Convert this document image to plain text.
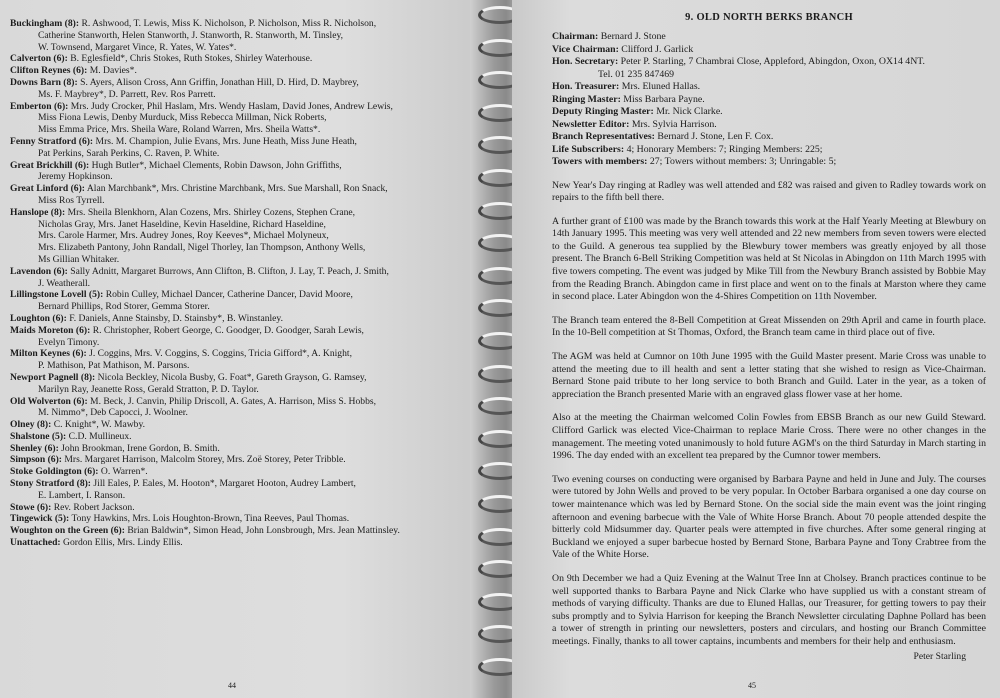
Buckingham (8): R. Ashwood, T. Lewis, Miss K. Nicholson, P. Nicholson, Miss R. Nicholson,
Catherine Stanworth, Helen Stanworth, J. Stanworth, R. Stanworth, M. Tinsley,
W. Townsend, Margaret Vince, R. Yates, W. Yates*.
Calverton (6): B. Eglesfield*, Chris Stokes, Ruth Stokes, Shirley Waterhouse.
Clifton Reynes (6): M. Davies*.
Downs Barn (8): S. Ayers, Alison Cross, Ann Griffin, Jonathan Hill, D. Hird, D. Maybrey,
Ms. F. Maybrey*, D. Parrett, Rev. Ros Parrett.
Emberton (6): Mrs. Judy Crocker, Phil Haslam, Mrs. Wendy Haslam, David Jones, Andrew Lewis,
Miss Fiona Lewis, Denby Murduck, Miss Rebecca Millman, Nick Roberts,
Miss Emma Price, Mrs. Sheila Ware, Roland Warren, Mrs. Sheila Watts*.
Fenny Stratford (6): Mrs. M. Champion, Julie Evans, Mrs. June Heath, Miss June Heath,
Pat Perkins, Sarah Perkins, C. Raven, P. White.
Great Brickhill (6): Hugh Butler*, Michael Clements, Robin Dawson, John Griffiths,
Jeremy Hopkinson.
Great Linford (6): Alan Marchbank*, Mrs. Christine Marchbank, Mrs. Sue Marshall, Ron Snack,
Miss Ros Tyrrell.
Hanslope (8): Mrs. Sheila Blenkhorn, Alan Cozens, Mrs. Shirley Cozens, Stephen Crane,
Nicholas Gray, Mrs. Janet Haseldine, Kevin Haseldine, Richard Haseldine,
Mrs. Carole Harmer, Mrs. Audrey Jones, Roy Keeves*, Michael Molyneux,
Mrs. Elizabeth Pantony, John Randall, Nigel Thorley, Ian Thompson, Anthony Wells,
Ms Gillian Whitaker.
Lavendon (6): Sally Adnitt, Margaret Burrows, Ann Clifton, B. Clifton, J. Lay, T. Peach, J. Smith,
J. Weatherall.
Lillingstone Lovell (5): Robin Culley, Michael Dancer, Catherine Dancer, David Moore,
Bernard Phillips, Rod Storer, Gemma Storer.
Loughton (6): F. Daniels, Anne Stainsby, D. Stainsby*, B. Winstanley.
Maids Moreton (6): R. Christopher, Robert George, C. Goodger, D. Goodger, Sarah Lewis,
Evelyn Timony.
Milton Keynes (6): J. Coggins, Mrs. V. Coggins, S. Coggins, Tricia Gifford*, A. Knight,
P. Mathison, Pat Mathison, M. Parsons.
Newport Pagnell (8): Nicola Beckley, Nicola Busby, G. Foat*, Gareth Grayson, G. Ramsey,
Marilyn Ray, Jeanette Ross, Gerald Stratton, P. D. Taylor.
Old Wolverton (6): M. Beck, J. Canvin, Philip Driscoll, A. Gates, A. Harrison, Miss S. Hobbs,
M. Nimmo*, Deb Capocci, J. Woolner.
Olney (8): C. Knight*, W. Mawby.
Shalstone (5): C.D. Mullineux.
Shenley (6): John Brookman, Irene Gordon, B. Smith.
Simpson (6): Mrs. Margaret Harrison, Malcolm Storey, Mrs. Zoë Storey, Peter Tribble.
Stoke Goldington (6): O. Warren*.
Stony Stratford (8): Jill Eales, P. Eales, M. Hooton*, Margaret Hooton, Audrey Lambert,
E. Lambert, I. Ranson.
Stowe (6): Rev. Robert Jackson.
Tingewick (5): Tony Hawkins, Mrs. Lois Houghton-Brown, Tina Reeves, Paul Thomas.
Woughton on the Green (6): Brian Baldwin*, Simon Head, John Lonsbrough, Mrs. Jean Mattinsley.
Unattached: Gordon Ellis, Mrs. Lindy Ellis.
44
9. OLD NORTH BERKS BRANCH
Chairman: Bernard J. Stone
Vice Chairman: Clifford J. Garlick
Hon. Secretary: Peter P. Starling, 7 Chambrai Close, Appleford, Abingdon, Oxon, OX14 4NT.
Tel. 01 235 847469
Hon. Treasurer: Mrs. Eluned Hallas.
Ringing Master: Miss Barbara Payne.
Deputy Ringing Master: Mr. Nick Clarke.
Newsletter Editor: Mrs. Sylvia Harrison.
Branch Representatives: Bernard J. Stone, Len F. Cox.
Life Subscribers: 4; Honorary Members: 7; Ringing Members: 225;
Towers with members: 27; Towers without members: 3; Unringable: 5;

New Year's Day ringing at Radley was well attended and £82 was raised and given to Radley towards work on repairs to the fifth bell there.

A further grant of £100 was made by the Branch towards this work at the Half Yearly Meeting at Blewbury on 14th January 1995. This meeting was very well attended and 22 new members from seven towers were elected to the Guild. A generous tea supplied by the Blewbury tower members was greatly enjoyed by all those present. The Branch 6-Bell Striking Competition was held at St Nicolas in Abingdon on 11th March 1995 with five towers competing. The event was judged by Mike Till from the Newbury Branch assisted by Bobbie May from the Reading Branch. Abingdon came in first place and went on to the finals at Marston where they came in second place. Later Abingdon won the 4-Shires Competition on 11th November.

The Branch team entered the 8-Bell Competition at Great Missenden on 29th April and came in fourth place. In the 10-Bell competition at St Thomas, Oxford, the Branch team came in third place out of five.

The AGM was held at Cumnor on 10th June 1995 with the Guild Master present. Marie Cross was unable to attend the meeting due to ill health and sent a letter stating that she wished to resign as Vice-Chairman. Bernard Stone paid tribute to her long service to both Branch and Guild. Later in the year, as a token of appreciation the Branch presented Marie with an engraved glass flower vase at her home.

Also at the meeting the Chairman welcomed Colin Fowles from EBSB Branch as our new Guild Steward. Clifford Garlick was elected Vice-Chairman to replace Marie Cross. There were no other changes in the management. The meeting voted unanimously to hold future AGM's on the third Saturday in March starting in 1996. The day ended with an excellent tea prepared by the Cumnor tower members.

Two evening courses on conducting were organised by Barbara Payne and held in June and July. The courses were tutored by John Wells and proved to be very popular. In October Barbara organised a one day course on tower maintenance which was led by Bernard Stone. On the social side the main event was the joint ringing afternoon and evening barbecue with the Vale of White Horse Branch. About 70 people attended despite the bitterly cold Midsummer day. Quarter peals were attempted in five churches. After some general ringing at Buckland we enjoyed a super barbecue hosted by Bernard Stone, Barbara Payne and Tony Crabtree from the Vale of the White Horse.

On 9th December we had a Quiz Evening at the Walnut Tree Inn at Cholsey. Branch practices continue to be well supported thanks to Barbara Payne and Nick Clarke who have supplied us with a constant stream of methods of varying difficulty. Thanks are due to Eluned Hallas, our Treasurer, for getting towers to pay their subs promptly and to Sylvia Harrison for keeping the Branch Newsletter circulating Daphne Pollard has been a tower of strength in printing our newsletters, posters and circulars, and hosting our Branch Committee meetings. Finally, thanks to all tower captains, incumbents and members for their help and enthusiasm.

Peter Starling
45
